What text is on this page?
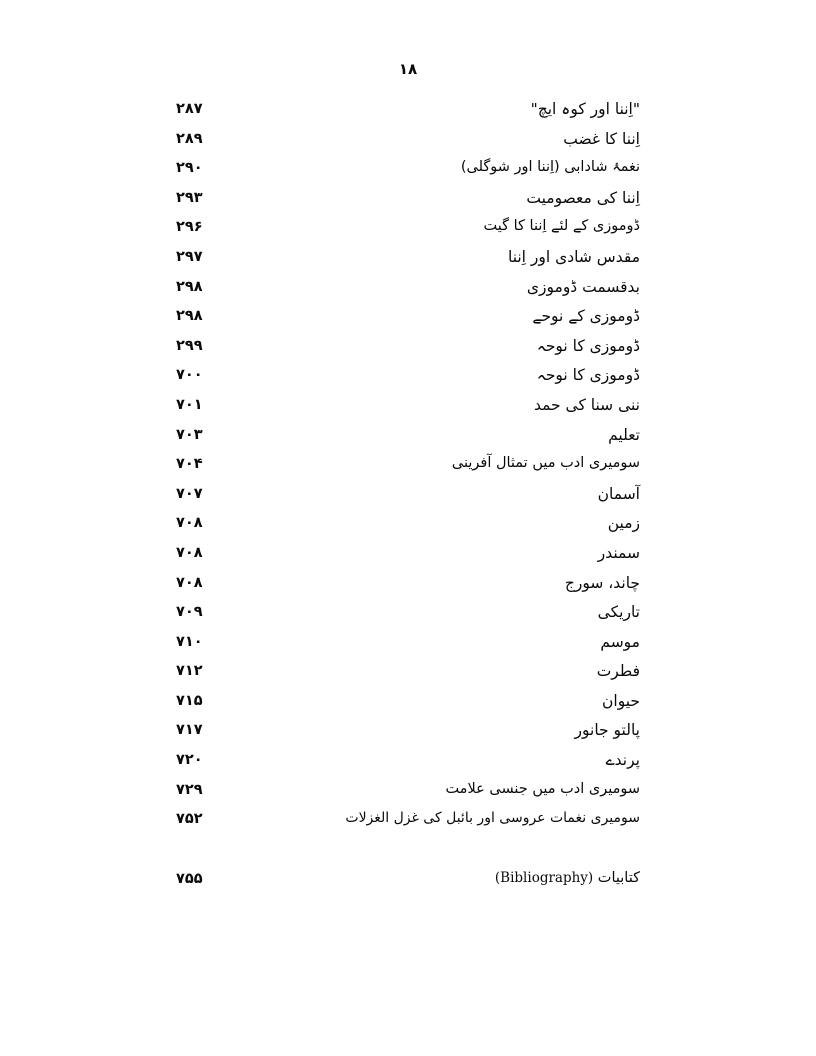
۱۸
۲۸۷	"اِننا اور کوہ ایچ"
۲۸۹	اِننا کا غضب
۲۹۰	نغمۂ شادابی (اِننا اور شوگلی)
۲۹۳	اِننا کی معصومیت
۲۹۶	ڈوموزی کے لئے اِننا کا گیت
۲۹۷	مقدس شادی اور اِننا
۲۹۸	بدقسمت ڈوموزی
۲۹۸	ڈوموزی کے نوحے
۲۹۹	ڈوموزی کا نوحہ
۷۰۰	ڈوموزی کا نوحہ
۷۰۱	ننی سنا کی حمد
۷۰۳	تعلیم
۷۰۴	سومیری ادب میں تمثال آفرینی
۷۰۷	آسمان
۷۰۸	زمین
۷۰۸	سمندر
۷۰۸	چاند، سورج
۷۰۹	تاریکی
۷۱۰	موسم
۷۱۲	فطرت
۷۱۵	حیوان
۷۱۷	پالتو جانور
۷۲۰	پرندے
۷۲۹	سومیری ادب میں جنسی علامت
۷۵۲	سومیری نغمات عروسی اور بائبل کی غزل الغزلات
۷۵۵	کتابیات (Bibliography)
